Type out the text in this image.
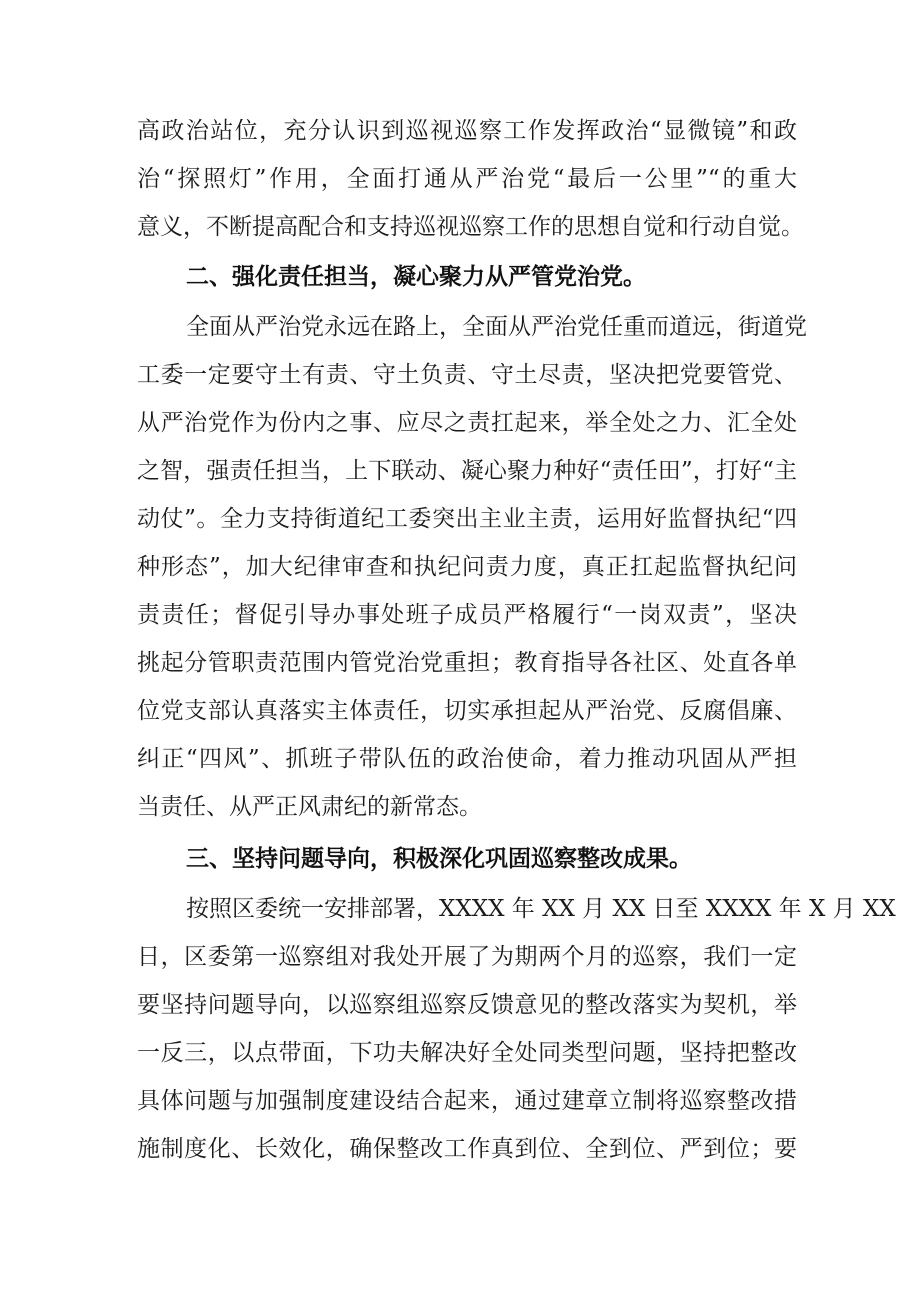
高政治站位，充分认识到巡视巡察工作发挥政治“显微镜”和政
治“探照灯”作用，全面打通从严治党“最后一公里”“的重大
意义，不断提高配合和支持巡视巡察工作的思想自觉和行动自觉。
二、强化责任担当，凝心聚力从严管党治党。
全面从严治党永远在路上，全面从严治党任重而道远，街道党
工委一定要守土有责、守土负责、守土尽责，坚决把党要管党、
从严治党作为份内之事、应尽之责扛起来，举全处之力、汇全处
之智，强责任担当，上下联动、凝心聚力种好“责任田”，打好“主
动仗”。全力支持街道纪工委突出主业主责，运用好监督执纪“四
种形态”，加大纪律审查和执纪问责力度，真正扛起监督执纪问
责责任；督促引导办事处班子成员严格履行“一岗双责”，坚决
挑起分管职责范围内管党治党重担；教育指导各社区、处直各单
位党支部认真落实主体责任，切实承担起从严治党、反腐倡廉、
纠正“四风”、抓班子带队伍的政治使命，着力推动巩固从严担
当责任、从严正风肃纪的新常态。
三、坚持问题导向，积极深化巩固巡察整改成果。
按照区委统一安排部署，XXXX 年 XX 月 XX 日至 XXXX 年 X 月 XX
日，区委第一巡察组对我处开展了为期两个月的巡察，我们一定
要坚持问题导向，以巡察组巡察反馈意见的整改落实为契机，举
一反三，以点带面，下功夫解决好全处同类型问题，坚持把整改
具体问题与加强制度建设结合起来，通过建章立制将巡察整改措
施制度化、长效化，确保整改工作真到位、全到位、严到位；要
